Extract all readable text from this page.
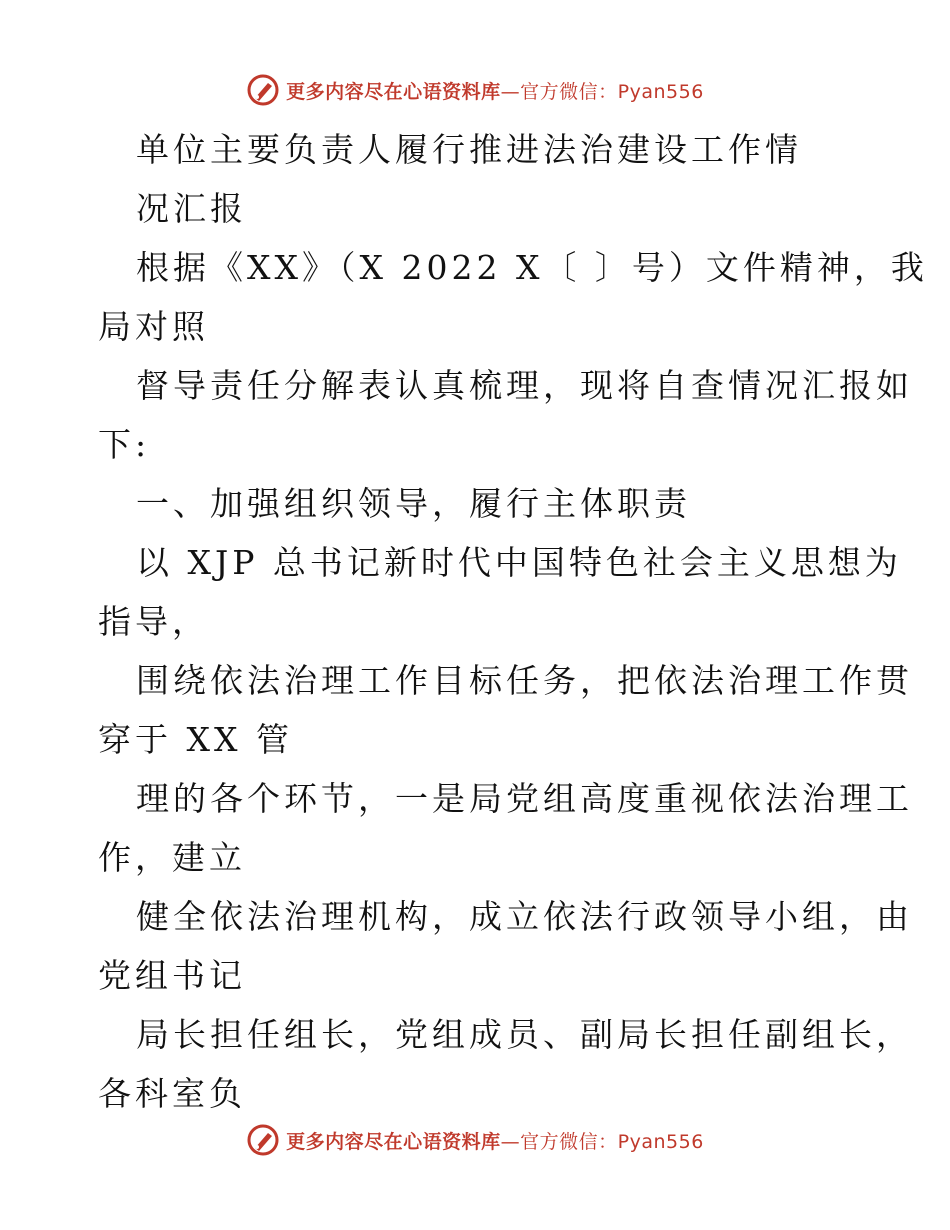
更多内容尽在心语资料库—官方微信：Pyan556
单位主要负责人履行推进法治建设工作情
况汇报
根据《XX》（X 2022 X〔 〕号）文件精神，我
局对照
督导责任分解表认真梳理，现将自查情况汇报如
下:
一、加强组织领导，履行主体职责
以 XJP 总书记新时代中国特色社会主义思想为
指导，
围绕依法治理工作目标任务，把依法治理工作贯
穿于 XX 管
理的各个环节，一是局党组高度重视依法治理工
作，建立
健全依法治理机构，成立依法行政领导小组，由
党组书记
局长担任组长，党组成员、副局长担任副组长，
各科室负
更多内容尽在心语资料库—官方微信：Pyan556
